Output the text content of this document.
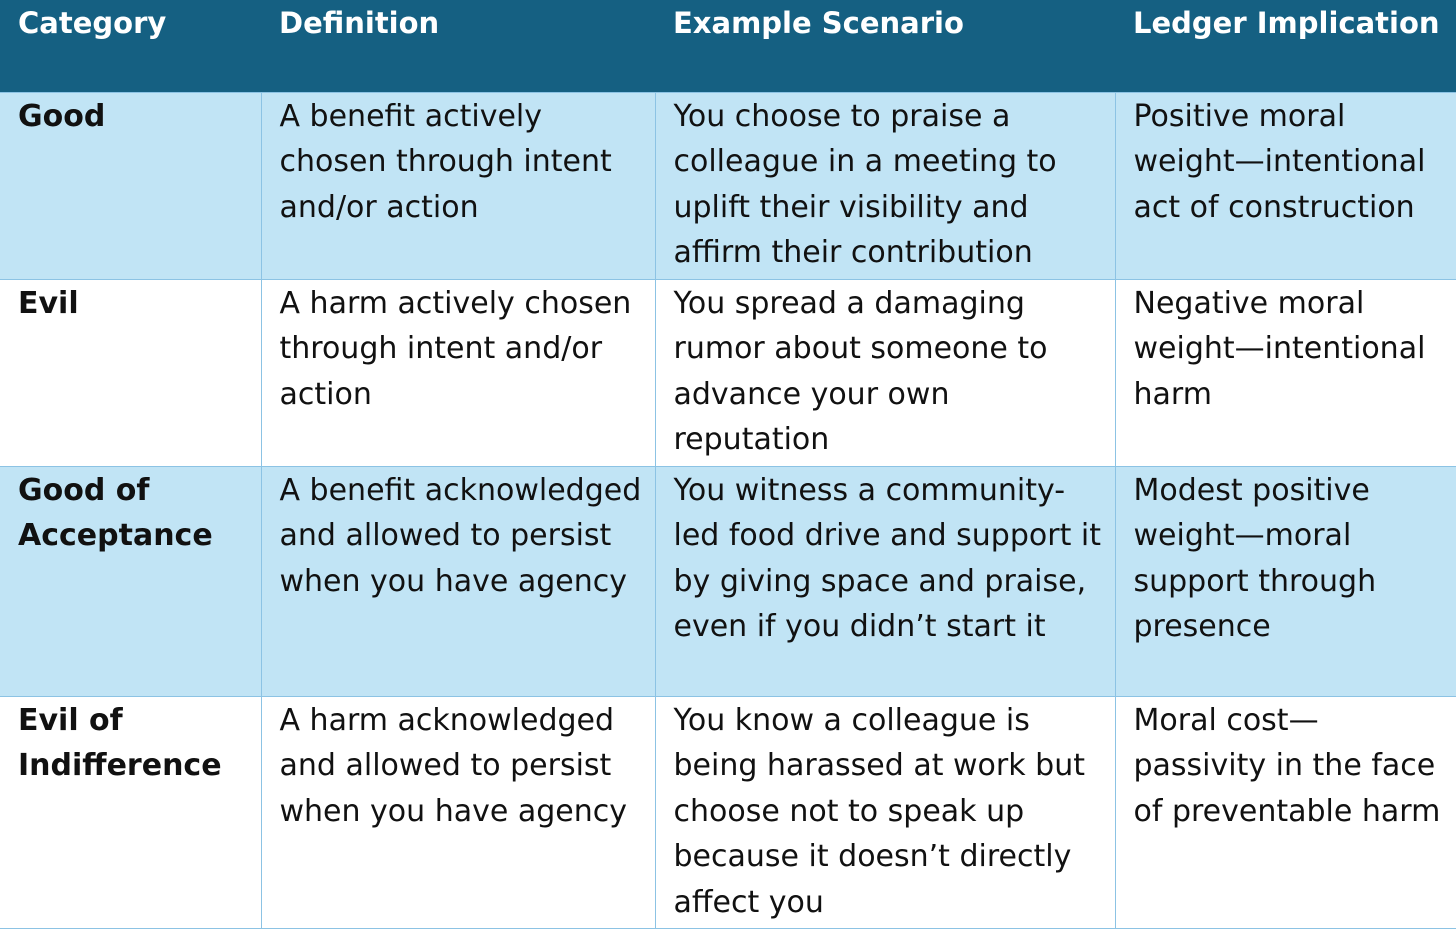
Category	Definition	Example Scenario	Ledger Implication
Good	A benefit actively chosen through intent and/or action	You choose to praise a colleague in a meeting to uplift their visibility and affirm their contribution	Positive moral weight—intentional act of construction
Evil	A harm actively chosen through intent and/or action	You spread a damaging rumor about someone to advance your own reputation	Negative moral weight—intentional harm
Good of Acceptance	A benefit acknowledged and allowed to persist when you have agency	You witness a community-led food drive and support it by giving space and praise, even if you didn’t start it	Modest positive weight—moral support through presence
Evil of Indifference	A harm acknowledged and allowed to persist when you have agency	You know a colleague is being harassed at work but choose not to speak up because it doesn’t directly affect you	Moral cost—passivity in the face of preventable harm
